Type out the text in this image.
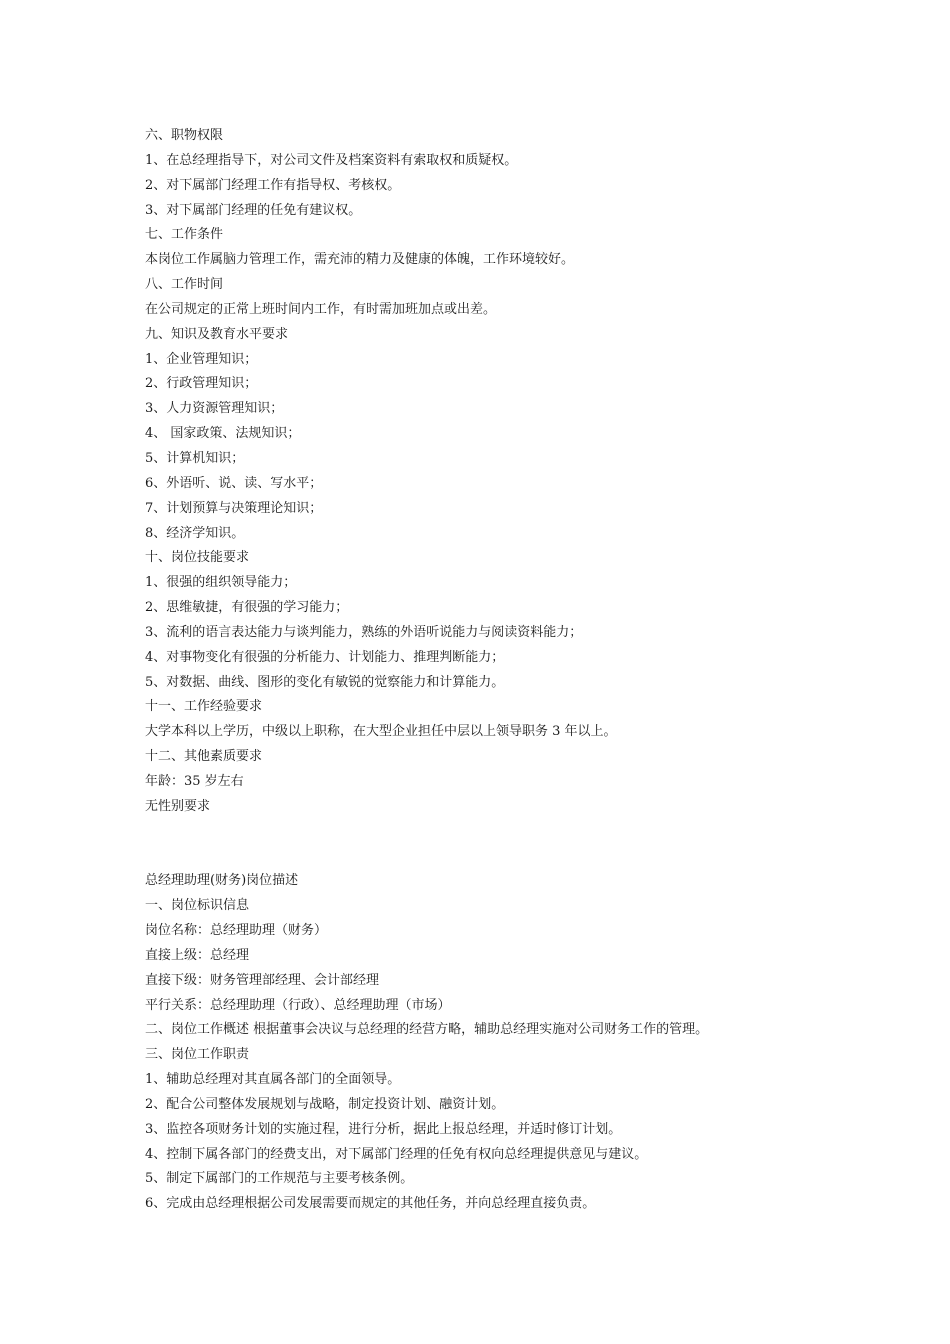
六、职物权限
1、在总经理指导下，对公司文件及档案资料有索取权和质疑权。
2、对下属部门经理工作有指导权、考核权。
3、对下属部门经理的任免有建议权。
七、工作条件
本岗位工作属脑力管理工作，需充沛的精力及健康的体魄，工作环境较好。
八、工作时间
在公司规定的正常上班时间内工作，有时需加班加点或出差。
九、知识及教育水平要求
1、企业管理知识；
2、行政管理知识；
3、人力资源管理知识；
4、 国家政策、法规知识；
5、计算机知识；
6、外语听、说、读、写水平；
7、计划预算与决策理论知识；
8、经济学知识。
十、岗位技能要求
1、很强的组织领导能力；
2、思维敏捷，有很强的学习能力；
3、流利的语言表达能力与谈判能力，熟练的外语听说能力与阅读资料能力；
4、对事物变化有很强的分析能力、计划能力、推理判断能力；
5、对数据、曲线、图形的变化有敏锐的觉察能力和计算能力。
十一、工作经验要求
大学本科以上学历，中级以上职称，在大型企业担任中层以上领导职务 3 年以上。
十二、其他素质要求
年龄：35 岁左右
无性别要求
总经理助理(财务)岗位描述
一、岗位标识信息
岗位名称：总经理助理（财务）
直接上级：总经理
直接下级：财务管理部经理、会计部经理
平行关系：总经理助理（行政）、总经理助理（市场）
二、岗位工作概述 根据董事会决议与总经理的经营方略，辅助总经理实施对公司财务工作的管理。
三、岗位工作职责
1、辅助总经理对其直属各部门的全面领导。
2、配合公司整体发展规划与战略，制定投资计划、融资计划。
3、监控各项财务计划的实施过程，进行分析，据此上报总经理，并适时修订计划。
4、控制下属各部门的经费支出，对下属部门经理的任免有权向总经理提供意见与建议。
5、制定下属部门的工作规范与主要考核条例。
6、完成由总经理根据公司发展需要而规定的其他任务，并向总经理直接负责。
